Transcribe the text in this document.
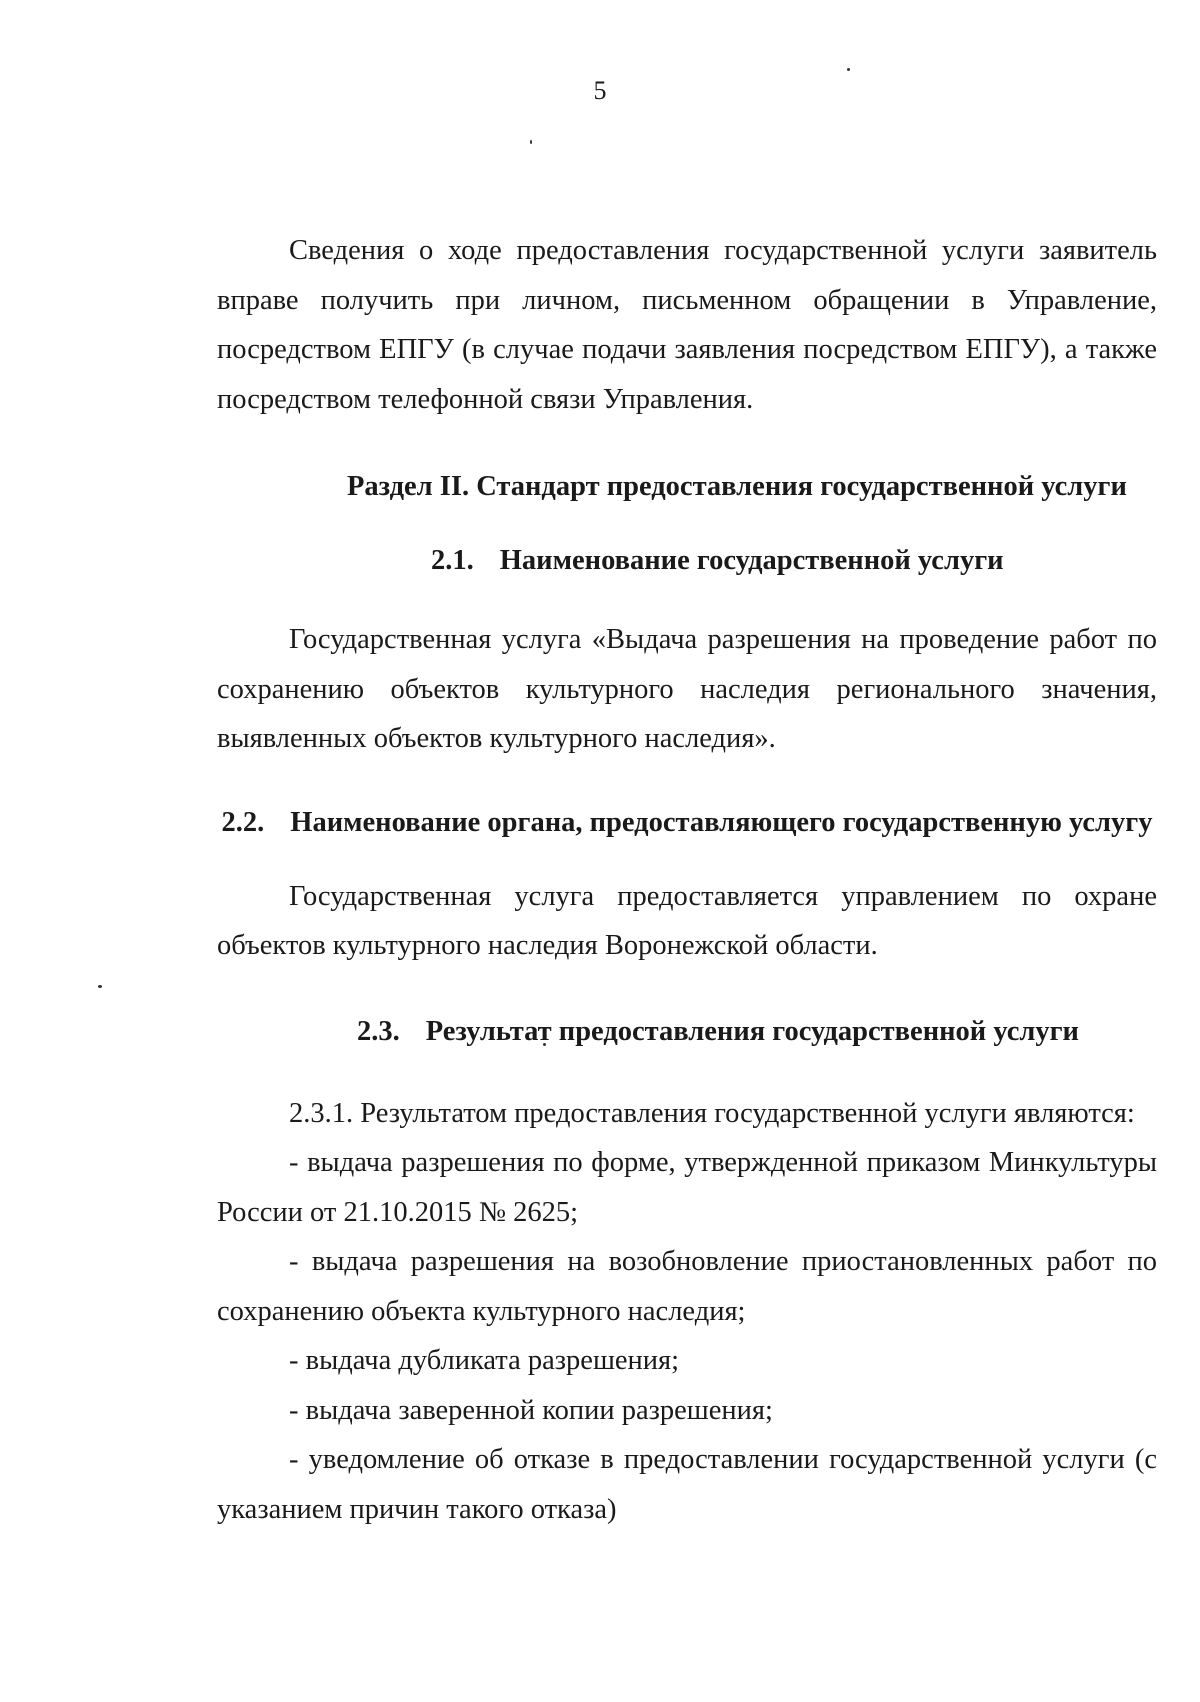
5

Сведения о ходе предоставления государственной услуги заявитель вправе получить при личном, письменном обращении в Управление, посредством ЕПГУ (в случае подачи заявления посредством ЕПГУ), а также посредством телефонной связи Управления.

Раздел II. Стандарт предоставления государственной услуги
2.1. Наименование государственной услуги

Государственная услуга «Выдача разрешения на проведение работ по сохранению объектов культурного наследия регионального значения, выявленных объектов культурного наследия».

2.2. Наименование органа, предоставляющего государственную услугу

Государственная услуга предоставляется управлением по охране объектов культурного наследия Воронежской области.

2.3. Результат предоставления государственной услуги

2.3.1. Результатом предоставления государственной услуги являются:

- выдача разрешения по форме, утвержденной приказом Минкультуры России от 21.10.2015 № 2625;

- выдача разрешения на возобновление приостановленных работ по сохранению объекта культурного наследия;

- выдача дубликата разрешения;

- выдача заверенной копии разрешения;

- уведомление об отказе в предоставлении государственной услуги (с указанием причин такого отказа)
